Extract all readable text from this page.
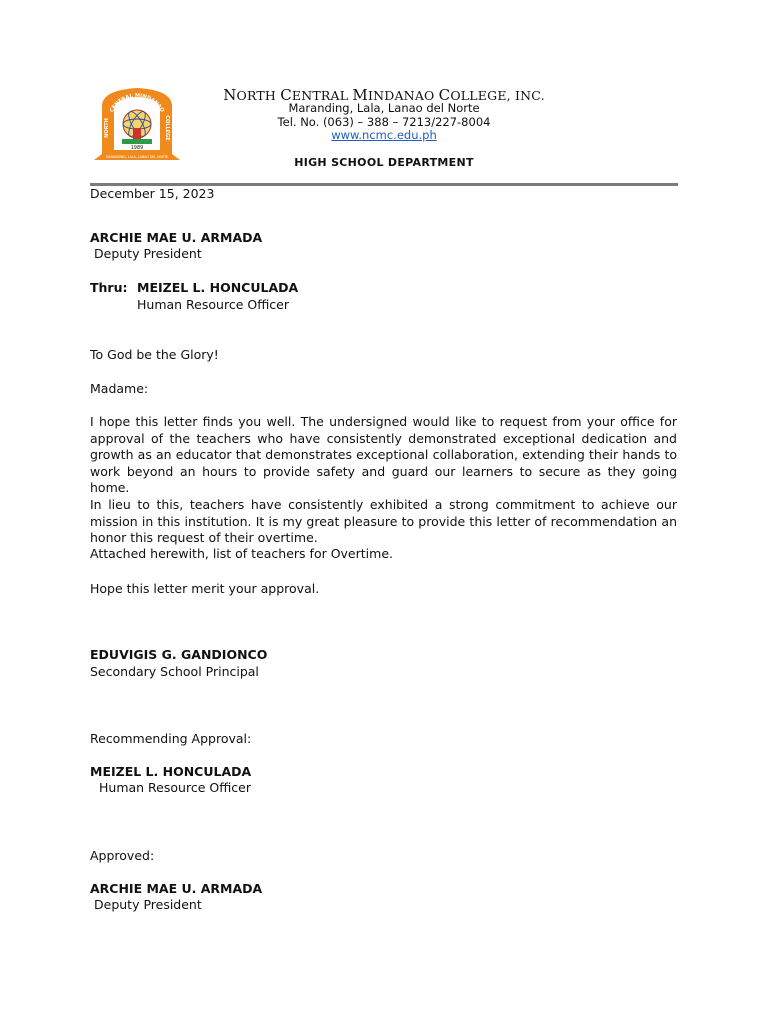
1989
CENTRAL MINDANAO
NORTH
COLLEGE
MARANDING, LALA, LANAO DEL NORTE
NORTH CENTRAL MINDANAO COLLEGE, INC.
Maranding, Lala, Lanao del Norte
Tel. No. (063) – 388 – 7213/227-8004
www.ncmc.edu.ph
HIGH SCHOOL DEPARTMENT
December 15, 2023
ARCHIE MAE U. ARMADA
Deputy President
Thru: MEIZEL L. HONCULADA
Human Resource Officer
To God be the Glory!
Madame:
I hope this letter finds you well. The undersigned would like to request from your office for approval of the teachers who have consistently demonstrated exceptional dedication and growth as an educator that demonstrates exceptional collaboration, extending their hands to work beyond an hours to provide safety and guard our learners to secure as they going home.
In lieu to this, teachers have consistently exhibited a strong commitment to achieve our mission in this institution. It is my great pleasure to provide this letter of recommendation an honor this request of their overtime.
Attached herewith, list of teachers for Overtime.
Hope this letter merit your approval.
EDUVIGIS G. GANDIONCO
Secondary School Principal
Recommending Approval:
MEIZEL L. HONCULADA
Human Resource Officer
Approved:
ARCHIE MAE U. ARMADA
Deputy President
